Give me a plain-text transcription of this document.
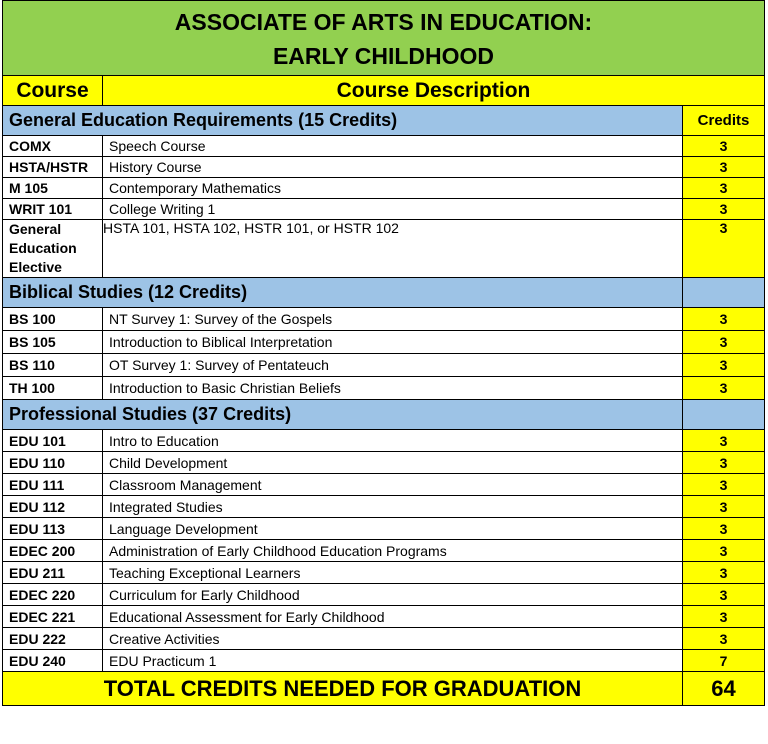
ASSOCIATE OF ARTS IN EDUCATION:
EARLY CHILDHOOD		

Course	Course Description	
General Education Requirements (15 Credits)		Credits
COMX	Speech Course	3
HSTA/HSTR	History Course	3
M 105	Contemporary Mathematics	3
WRIT 101	College Writing 1	3
General Education Elective	HSTA 101, HSTA 102, HSTR 101, or HSTR 102	3
Biblical Studies (12 Credits)		
BS 100	NT Survey 1: Survey of the Gospels	3
BS 105	Introduction to Biblical Interpretation	3
BS 110	OT Survey 1: Survey of Pentateuch	3
TH 100	Introduction to Basic Christian Beliefs	3
Professional Studies (37 Credits)		
EDU 101	Intro to Education	3
EDU 110	Child Development	3
EDU 111	Classroom Management	3
EDU 112	Integrated Studies	3
EDU 113	Language Development	3
EDEC 200	Administration of Early Childhood Education Programs	3
EDU 211	Teaching Exceptional Learners	3
EDEC 220	Curriculum for Early Childhood	3
EDEC 221	Educational Assessment for Early Childhood	3
EDU 222	Creative Activities	3
EDU 240	EDU Practicum 1	7
TOTAL CREDITS NEEDED FOR GRADUATION		64
